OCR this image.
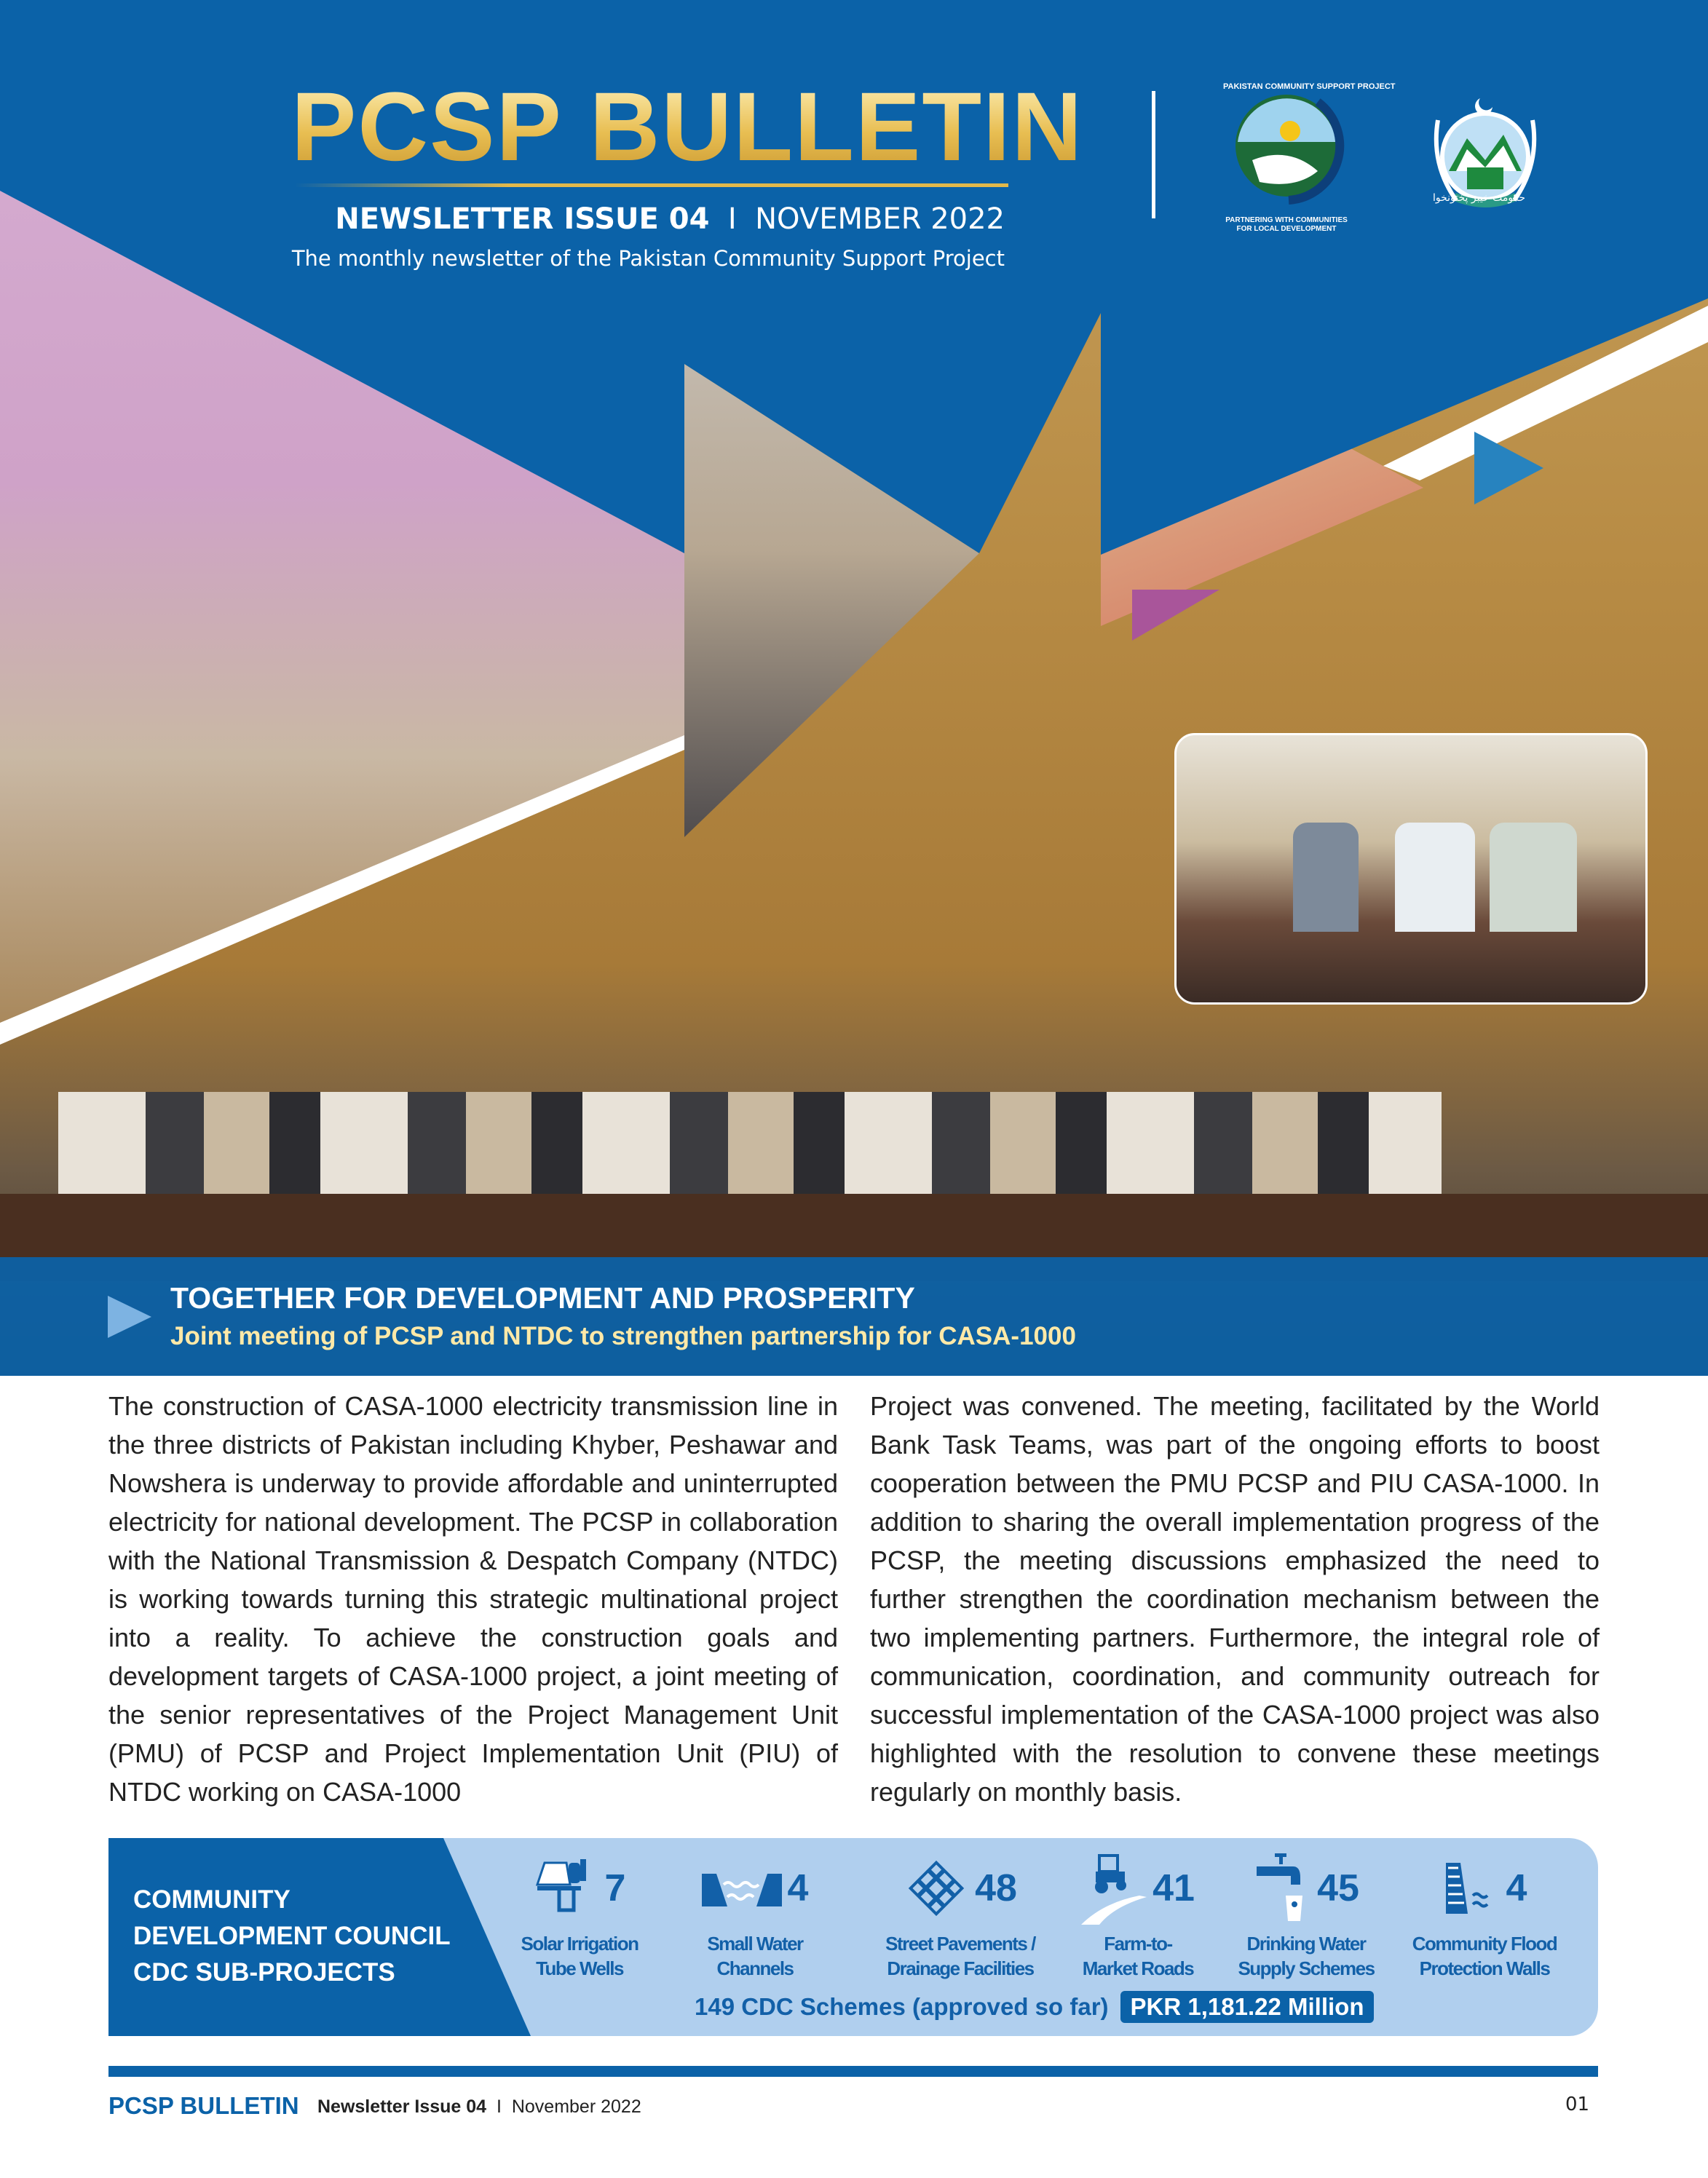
PCSP BULLETIN
NEWSLETTER ISSUE 04 I NOVEMBER 2022
The monthly newsletter of the Pakistan Community Support Project
PARTNERING WITH COMMUNITIES
FOR LOCAL DEVELOPMENT
PAKISTAN COMMUNITY SUPPORT PROJECT
حکومت خیبر پختونخوا
TOGETHER FOR DEVELOPMENT AND PROSPERITY
Joint meeting of PCSP and NTDC to strengthen partnership for CASA-1000
The construction of CASA-1000 electricity transmission line in the three districts of Pakistan including Khyber, Peshawar and Nowshera is underway to provide affordable and uninterrupted electricity for national development. The PCSP in collaboration with the National Transmission & Despatch Company (NTDC) is working towards turning this strategic multinational project into a reality. To achieve the construction goals and development targets of CASA-1000 project, a joint meeting of the senior representatives of the Project Management Unit (PMU) of PCSP and Project Implementation Unit (PIU) of NTDC working on CASA-1000
Project was convened. The meeting, facilitated by the World Bank Task Teams, was part of the ongoing efforts to boost cooperation between the PMU PCSP and PIU CASA-1000. In addition to sharing the overall implementation progress of the PCSP, the meeting discussions emphasized the need to further strengthen the coordination mechanism between the two implementing partners. Furthermore, the integral role of communication, coordination, and community outreach for successful implementation of the CASA-1000 project was also highlighted with the resolution to convene these meetings regularly on monthly basis.
COMMUNITY
DEVELOPMENT COUNCIL
CDC SUB-PROJECTS
7
Solar Irrigation
Tube Wells
4
Small Water
Channels
48
Street Pavements /
Drainage Facilities
41
Farm-to-
Market Roads
45
Drinking Water
Supply Schemes
4
Community Flood
Protection Walls
149 CDC Schemes (approved so far) PKR 1,181.22 Million
PCSP BULLETIN Newsletter Issue 04 I November 2022	01
